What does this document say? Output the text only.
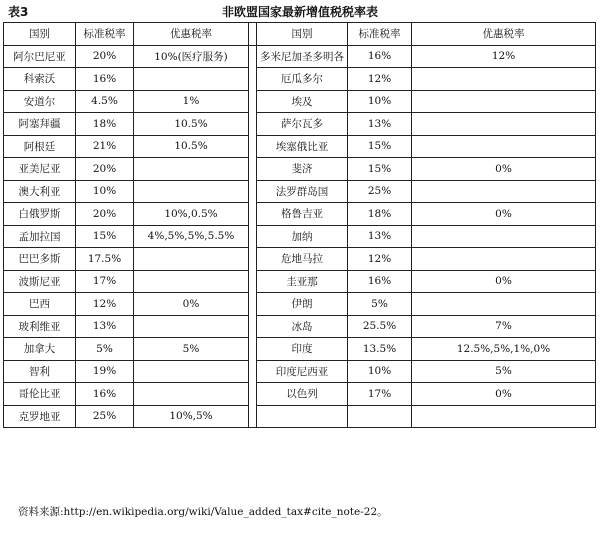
表3	非欧盟国家最新增值税税率表
国别	标准税率	优惠税率		国别	标准税率	优惠税率
阿尔巴尼亚	20%	10%(医疗服务)		多米尼加圣多明各	16%	12%
科索沃	16%			厄瓜多尔	12%	
安道尔	4.5%	1%		埃及	10%	
阿塞拜疆	18%	10.5%		萨尔瓦多	13%	
阿根廷	21%	10.5%		埃塞俄比亚	15%	
亚美尼亚	20%			斐济	15%	0%
澳大利亚	10%			法罗群岛国	25%	
白俄罗斯	20%	10%,0.5%		格鲁吉亚	18%	0%
孟加拉国	15%	4%,5%,5%,5.5%		加纳	13%	
巴巴多斯	17.5%			危地马拉	12%	
波斯尼亚	17%			圭亚那	16%	0%
巴西	12%	0%		伊朗	5%	
玻利维亚	13%			冰岛	25.5%	7%
加拿大	5%	5%		印度	13.5%	12.5%,5%,1%,0%
智利	19%			印度尼西亚	10%	5%
哥伦比亚	16%			以色列	17%	0%
克罗地亚	25%	10%,5%				
资料来源:http://en.wikipedia.org/wiki/Value_added_tax#cite_note-22。
